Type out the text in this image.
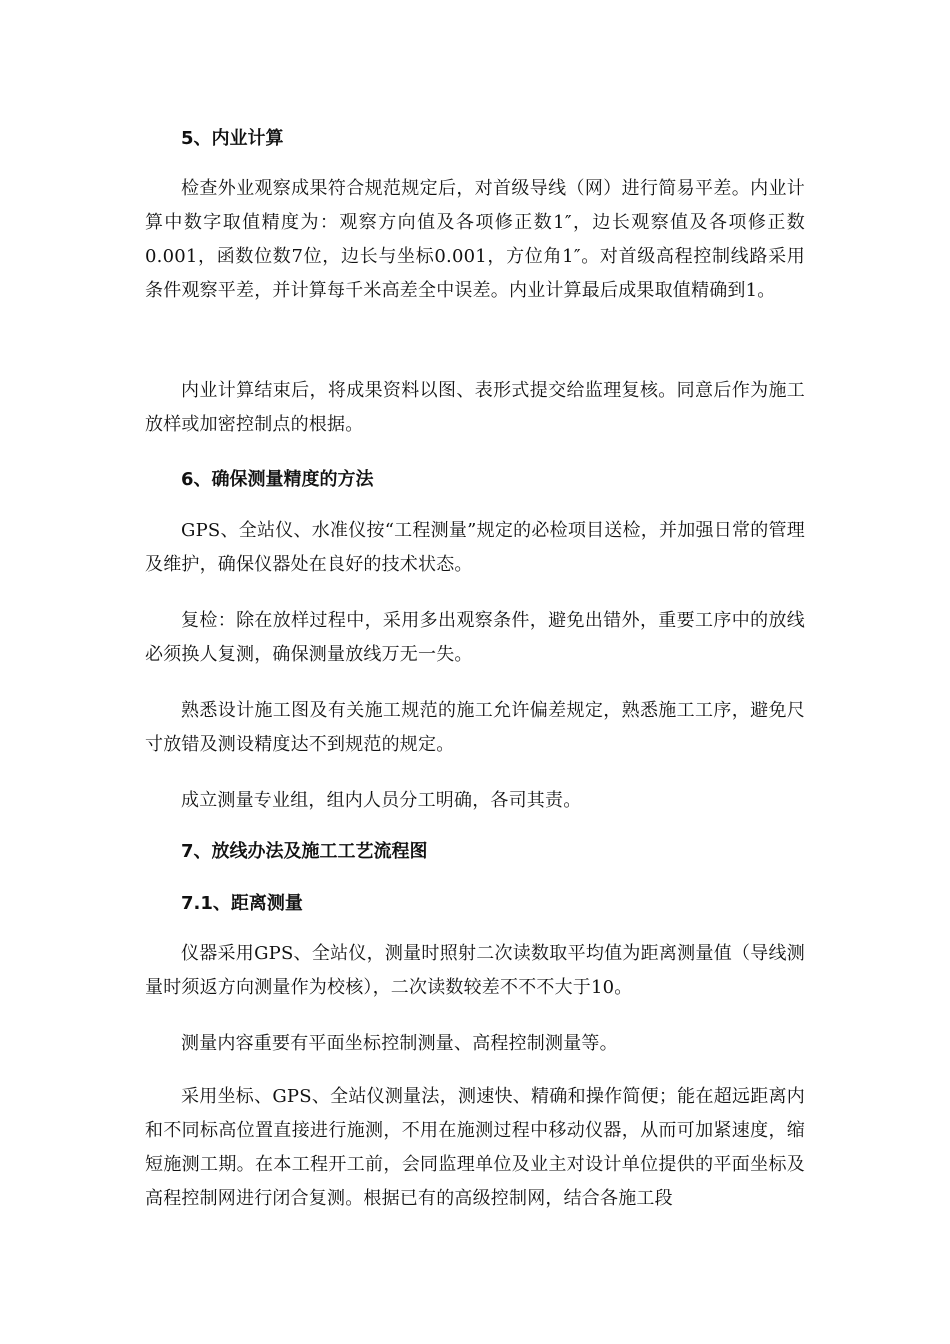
5、内业计算

检查外业观察成果符合规范规定后，对首级导线（网）进行简易平差。内业计算中数字取值精度为：观察方向值及各项修正数1″，边长观察值及各项修正数0.001，函数位数7位，边长与坐标0.001，方位角1″。对首级高程控制线路采用条件观察平差，并计算每千米高差全中误差。内业计算最后成果取值精确到1。

内业计算结束后，将成果资料以图、表形式提交给监理复核。同意后作为施工放样或加密控制点的根据。

6、确保测量精度的方法

GPS、全站仪、水准仪按“工程测量”规定的必检项目送检，并加强日常的管理及维护，确保仪器处在良好的技术状态。

复检：除在放样过程中，采用多出观察条件，避免出错外，重要工序中的放线必须换人复测，确保测量放线万无一失。

熟悉设计施工图及有关施工规范的施工允许偏差规定，熟悉施工工序，避免尺寸放错及测设精度达不到规范的规定。

成立测量专业组，组内人员分工明确，各司其责。

7、放线办法及施工工艺流程图
7.1、距离测量

仪器采用GPS、全站仪，测量时照射二次读数取平均值为距离测量值（导线测量时须返方向测量作为校核），二次读数较差不不不大于10。

测量内容重要有平面坐标控制测量、高程控制测量等。

采用坐标、GPS、全站仪测量法，测速快、精确和操作简便；能在超远距离内和不同标高位置直接进行施测，不用在施测过程中移动仪器，从而可加紧速度，缩短施测工期。在本工程开工前，会同监理单位及业主对设计单位提供的平面坐标及高程控制网进行闭合复测。根据已有的高级控制网，结合各施工段
